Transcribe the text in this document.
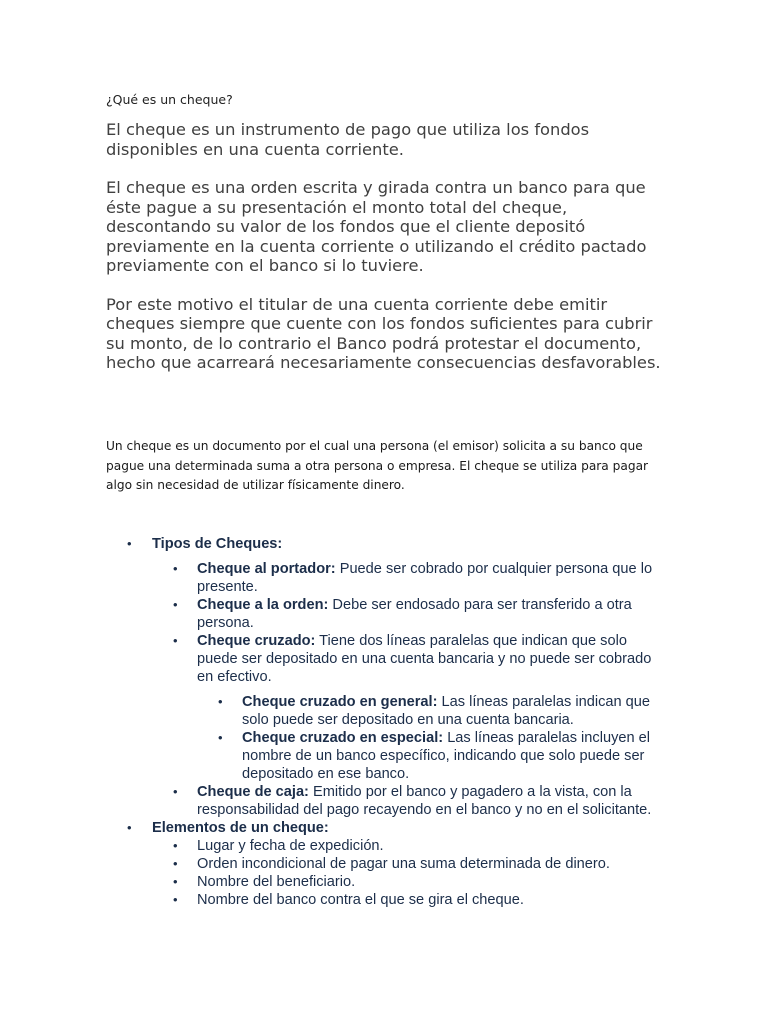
¿Qué es un cheque?

El cheque es un instrumento de pago que utiliza los fondos disponibles en una cuenta corriente.

El cheque es una orden escrita y girada contra un banco para que éste pague a su presentación el monto total del cheque, descontando su valor de los fondos que el cliente depositó previamente en la cuenta corriente o utilizando el crédito pactado previamente con el banco si lo tuviere.

Por este motivo el titular de una cuenta corriente debe emitir cheques siempre que cuente con los fondos suficientes para cubrir su monto, de lo contrario el Banco podrá protestar el documento, hecho que acarreará necesariamente consecuencias desfavorables.

Un cheque es un documento por el cual una persona (el emisor) solicita a su banco que pague una determinada suma a otra persona o empresa. El cheque se utiliza para pagar algo sin necesidad de utilizar físicamente dinero.

• Tipos de Cheques:
• Cheque al portador: Puede ser cobrado por cualquier persona que lo presente.
• Cheque a la orden: Debe ser endosado para ser transferido a otra persona.
• Cheque cruzado: Tiene dos líneas paralelas que indican que solo puede ser depositado en una cuenta bancaria y no puede ser cobrado en efectivo.
• Cheque cruzado en general: Las líneas paralelas indican que solo puede ser depositado en una cuenta bancaria.
• Cheque cruzado en especial: Las líneas paralelas incluyen el nombre de un banco específico, indicando que solo puede ser depositado en ese banco.
• Cheque de caja: Emitido por el banco y pagadero a la vista, con la responsabilidad del pago recayendo en el banco y no en el solicitante.
• Elementos de un cheque:
• Lugar y fecha de expedición.
• Orden incondicional de pagar una suma determinada de dinero.
• Nombre del beneficiario.
• Nombre del banco contra el que se gira el cheque.
